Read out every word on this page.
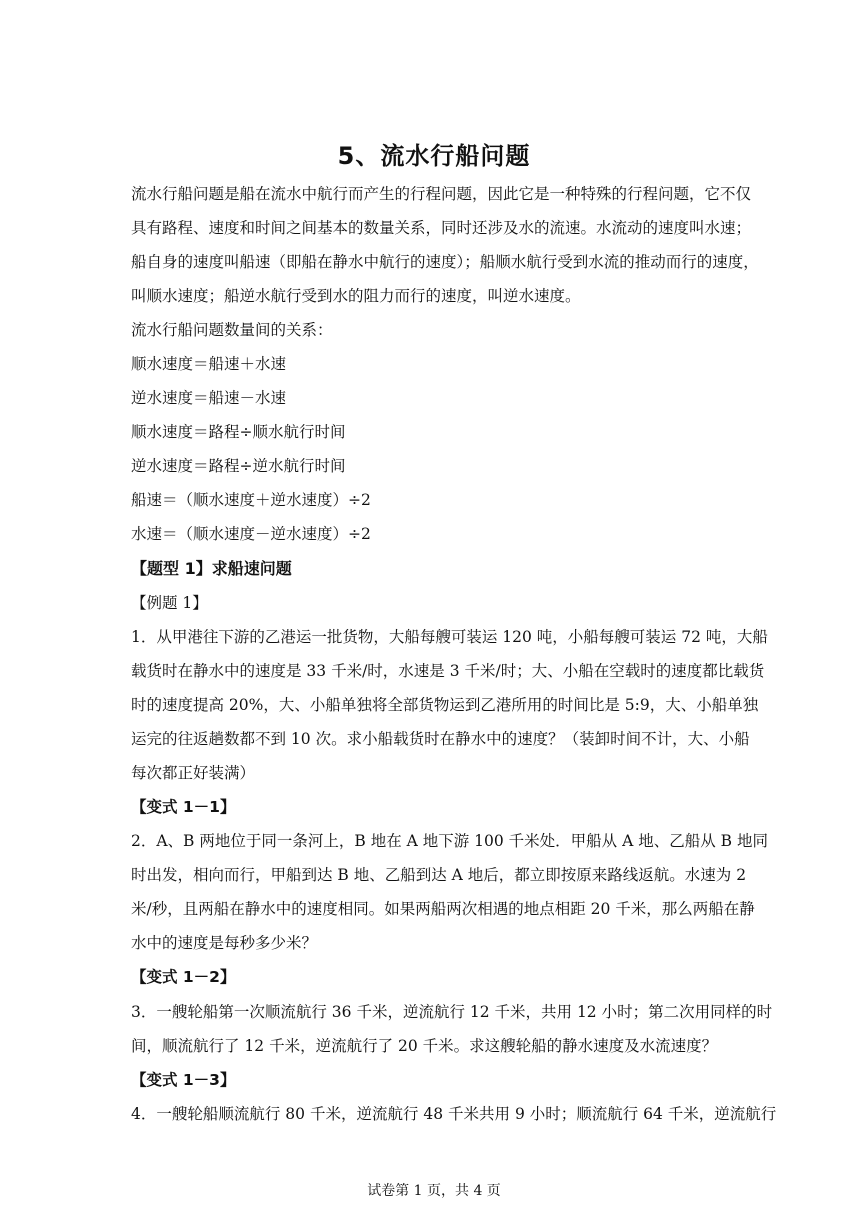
5、流水行船问题
流水行船问题是船在流水中航行而产生的行程问题，因此它是一种特殊的行程问题，它不仅
具有路程、速度和时间之间基本的数量关系，同时还涉及水的流速。水流动的速度叫水速；
船自身的速度叫船速（即船在静水中航行的速度）；船顺水航行受到水流的推动而行的速度，
叫顺水速度；船逆水航行受到水的阻力而行的速度，叫逆水速度。
流水行船问题数量间的关系：
顺水速度＝船速＋水速
逆水速度＝船速－水速
顺水速度＝路程÷顺水航行时间
逆水速度＝路程÷逆水航行时间
船速＝（顺水速度＋逆水速度）÷2
水速＝（顺水速度－逆水速度）÷2
【题型 1】求船速问题
【例题 1】
1．从甲港往下游的乙港运一批货物，大船每艘可装运 120 吨，小船每艘可装运 72 吨，大船
载货时在静水中的速度是 33 千米/时，水速是 3 千米/时；大、小船在空载时的速度都比载货
时的速度提高 20%，大、小船单独将全部货物运到乙港所用的时间比是 5:9，大、小船单独
运完的往返趟数都不到 10 次。求小船载货时在静水中的速度？（装卸时间不计，大、小船
每次都正好装满）
【变式 1－1】
2．A、B 两地位于同一条河上，B 地在 A 地下游 100 千米处．甲船从 A 地、乙船从 B 地同
时出发，相向而行，甲船到达 B 地、乙船到达 A 地后，都立即按原来路线返航。水速为 2
米/秒，且两船在静水中的速度相同。如果两船两次相遇的地点相距 20 千米，那么两船在静
水中的速度是每秒多少米？
【变式 1－2】
3．一艘轮船第一次顺流航行 36 千米，逆流航行 12 千米，共用 12 小时；第二次用同样的时
间，顺流航行了 12 千米，逆流航行了 20 千米。求这艘轮船的静水速度及水流速度？
【变式 1－3】
4．一艘轮船顺流航行 80 千米，逆流航行 48 千米共用 9 小时；顺流航行 64 千米，逆流航行
试卷第 1 页，共 4 页
